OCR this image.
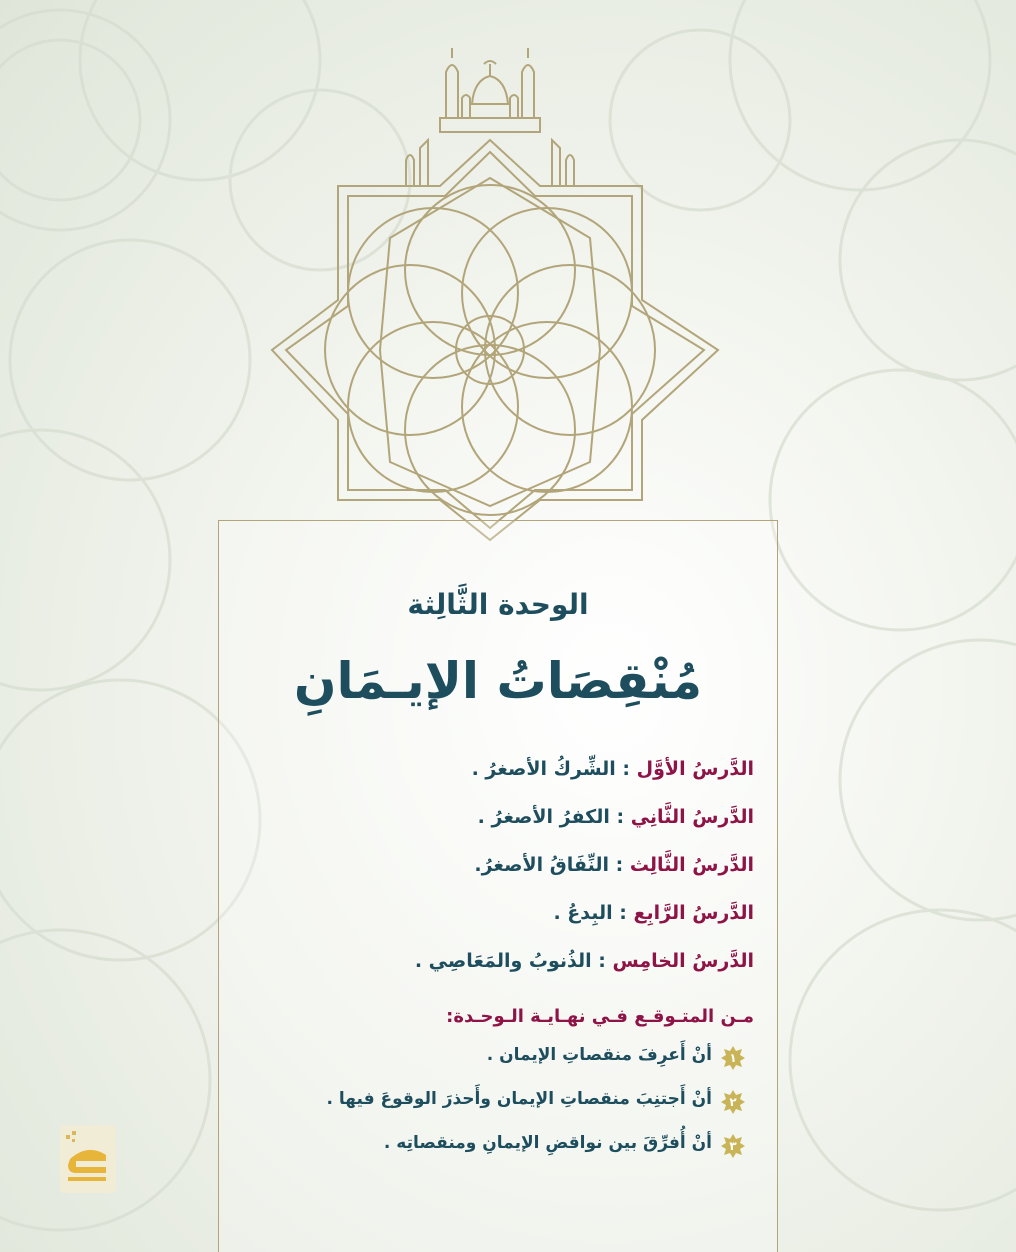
الوحدة الثَّالِثة
مُنْقِصَاتُ الإيـمَانِ
الدَّرسُ الأوَّل : الشِّركُ الأصغرُ .
الدَّرسُ الثَّانِي : الكفرُ الأصغرُ .
الدَّرسُ الثَّالِث : النِّفَاقُ الأصغرُ.
الدَّرسُ الرَّابِع : البِدعُ .
الدَّرسُ الخامِس : الذُنوبُ والمَعَاصِي .
مـن المتـوقـع فـي نهـايـة الـوحـدة:
١
أنْ أَعرِفَ منقصاتِ الإيمان .
٢
أنْ أَجتنِبَ منقصاتِ الإيمان وأَحذرَ الوقوعَ فيها .
٣
أنْ أُفرِّقَ بين نواقضِ الإيمانِ ومنقصاتِه .
